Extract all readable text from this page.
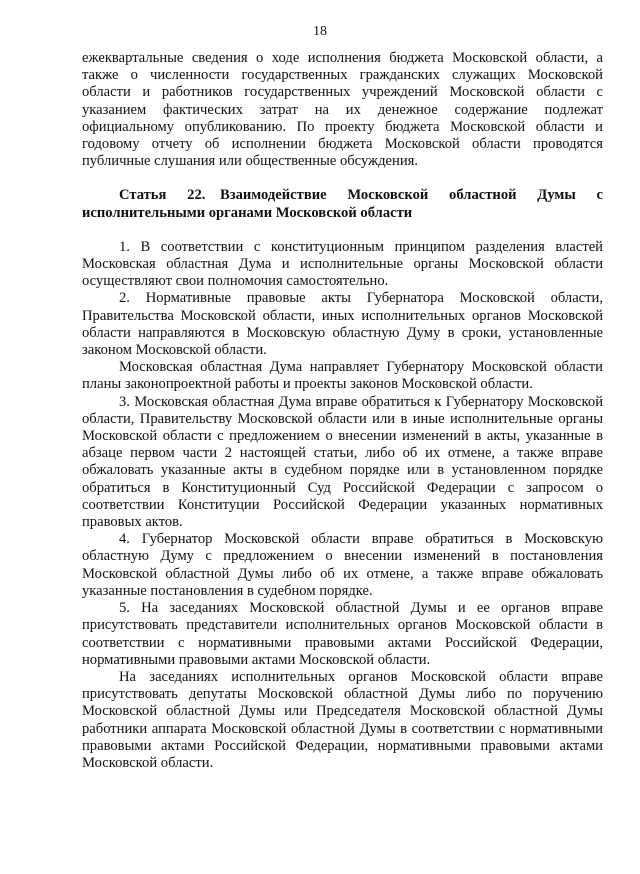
18

ежеквартальные сведения о ходе исполнения бюджета Московской области, а также о численности государственных гражданских служащих Московской области и работников государственных учреждений Московской области с указанием фактических затрат на их денежное содержание подлежат официальному опубликованию. По проекту бюджета Московской области и годовому отчету об исполнении бюджета Московской области проводятся публичные слушания или общественные обсуждения.

Статья 22. Взаимодействие Московской областной Думы с исполнительными органами Московской области

1. В соответствии с конституционным принципом разделения властей Московская областная Дума и исполнительные органы Московской области осуществляют свои полномочия самостоятельно.

2. Нормативные правовые акты Губернатора Московской области, Правительства Московской области, иных исполнительных органов Московской области направляются в Московскую областную Думу в сроки, установленные законом Московской области.

Московская областная Дума направляет Губернатору Московской области планы законопроектной работы и проекты законов Московской области.

3. Московская областная Дума вправе обратиться к Губернатору Московской области, Правительству Московской области или в иные исполнительные органы Московской области с предложением о внесении изменений в акты, указанные в абзаце первом части 2 настоящей статьи, либо об их отмене, а также вправе обжаловать указанные акты в судебном порядке или в установленном порядке обратиться в Конституционный Суд Российской Федерации с запросом о соответствии Конституции Российской Федерации указанных нормативных правовых актов.

4. Губернатор Московской области вправе обратиться в Московскую областную Думу с предложением о внесении изменений в постановления Московской областной Думы либо об их отмене, а также вправе обжаловать указанные постановления в судебном порядке.

5. На заседаниях Московской областной Думы и ее органов вправе присутствовать представители исполнительных органов Московской области в соответствии с нормативными правовыми актами Российской Федерации, нормативными правовыми актами Московской области.

На заседаниях исполнительных органов Московской области вправе присутствовать депутаты Московской областной Думы либо по поручению Московской областной Думы или Председателя Московской областной Думы работники аппарата Московской областной Думы в соответствии с нормативными правовыми актами Российской Федерации, нормативными правовыми актами Московской области.
